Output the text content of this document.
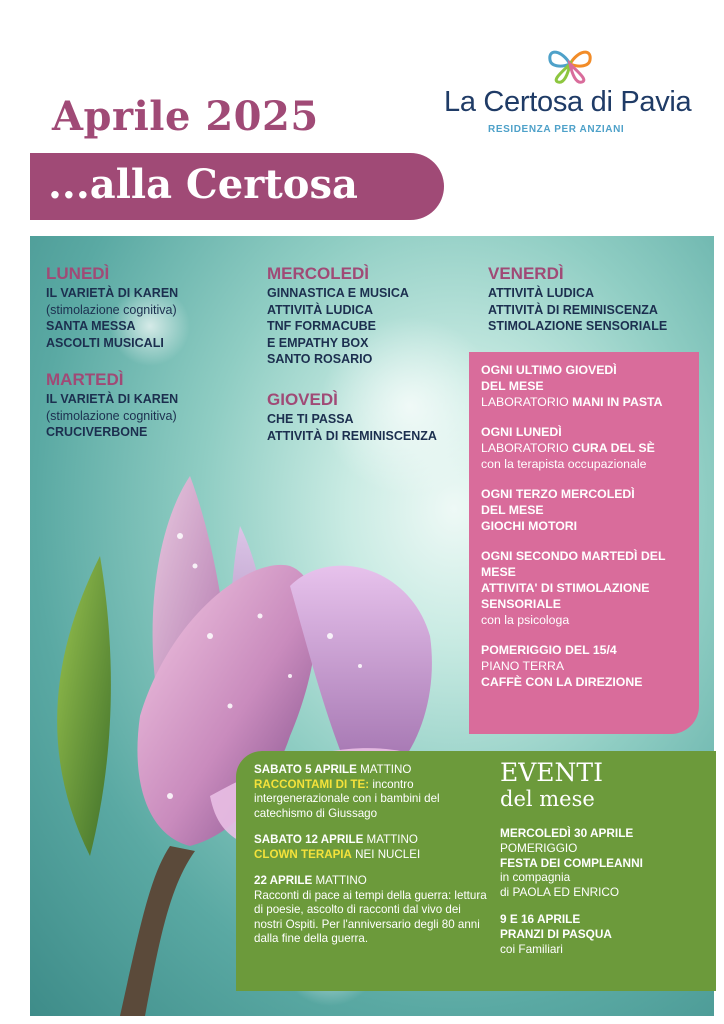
Aprile 2025
...alla Certosa
La Certosa di Pavia
RESIDENZA PER ANZIANI
LUNEDÌ
IL VARIETÀ DI KAREN
(stimolazione cognitiva)
SANTA MESSA
ASCOLTI MUSICALI
MARTEDÌ
IL VARIETÀ DI KAREN
(stimolazione cognitiva)
CRUCIVERBONE
MERCOLEDÌ
GINNASTICA E MUSICA
ATTIVITÀ LUDICA
TNF FORMACUBE
E EMPATHY BOX
SANTO ROSARIO
GIOVEDÌ
CHE TI PASSA
ATTIVITÀ DI REMINISCENZA
VENERDÌ
ATTIVITÀ LUDICA
ATTIVITÀ DI REMINISCENZA
STIMOLAZIONE SENSORIALE
OGNI ULTIMO GIOVEDÌ
DEL MESE
LABORATORIO MANI IN PASTA
OGNI LUNEDÌ
LABORATORIO CURA DEL SÈ
con la terapista occupazionale
OGNI TERZO MERCOLEDÌ
DEL MESE
GIOCHI MOTORI
OGNI SECONDO MARTEDÌ DEL
MESE
ATTIVITA' DI STIMOLAZIONE
SENSORIALE
con la psicologa
POMERIGGIO DEL 15/4
PIANO TERRA
CAFFÈ CON LA DIREZIONE
SABATO 5 APRILE MATTINO
RACCONTAMI DI TE: incontro intergenerazionale con i bambini del catechismo di Giussago
SABATO 12 APRILE MATTINO
CLOWN TERAPIA NEI NUCLEI
22 APRILE MATTINO
Racconti di pace ai tempi della guerra: lettura di poesie, ascolto di racconti dal vivo dei nostri Ospiti. Per l'anniversario degli 80 anni dalla fine della guerra.
EVENTI
del mese
MERCOLEDÌ 30 APRILE
POMERIGGIO
FESTA DEI COMPLEANNI
in compagnia
di PAOLA ED ENRICO
9 E 16 APRILE
PRANZI DI PASQUA
coi Familiari
